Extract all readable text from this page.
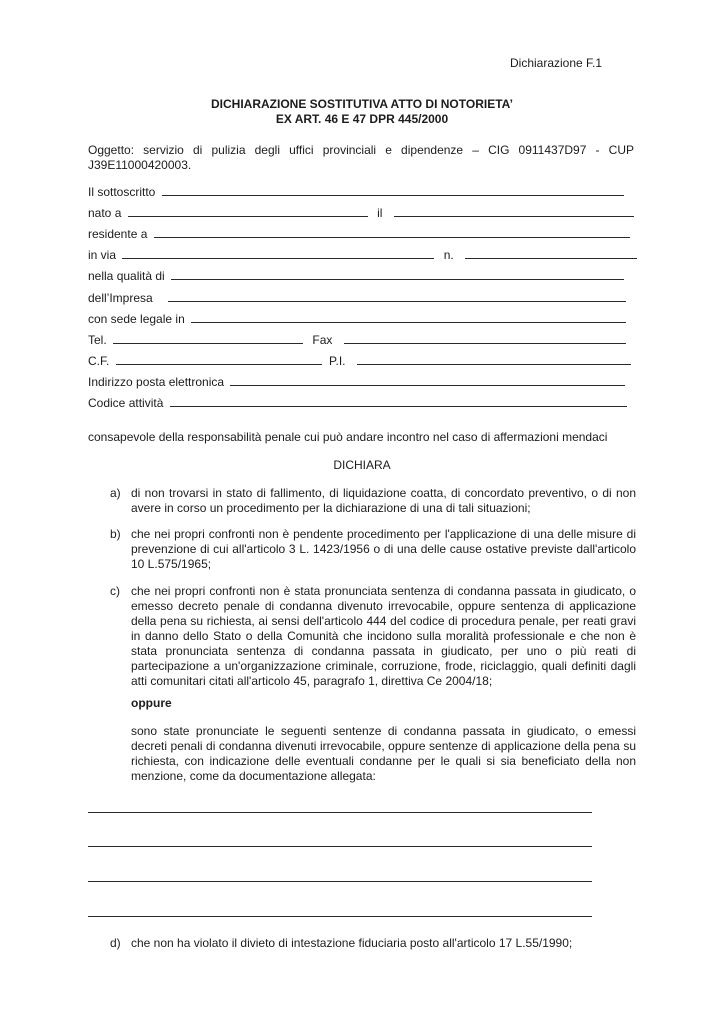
Dichiarazione F.1
DICHIARAZIONE SOSTITUTIVA ATTO DI NOTORIETA’
EX ART. 46 E 47 DPR 445/2000
Oggetto: servizio di pulizia degli uffici provinciali e dipendenze – CIG 0911437D97 - CUP J39E11000420003.
Il sottoscritto
nato a	il
residente a
in via	n.
nella qualità di
dell’Impresa
con sede legale in
Tel.	Fax
C.F.	P.I.
Indirizzo posta elettronica
Codice attività
consapevole della responsabilità penale cui può andare incontro nel caso di affermazioni mendaci
DICHIARA
a) di non trovarsi in stato di fallimento, di liquidazione coatta, di concordato preventivo, o di non avere in corso un procedimento per la dichiarazione di una di tali situazioni;
b) che nei propri confronti non è pendente procedimento per l'applicazione di una delle misure di prevenzione di cui all'articolo 3 L. 1423/1956 o di una delle cause ostative previste dall'articolo 10 L.575/1965;
c) che nei propri confronti non è stata pronunciata sentenza di condanna passata in giudicato, o emesso decreto penale di condanna divenuto irrevocabile, oppure sentenza di applicazione della pena su richiesta, ai sensi dell'articolo 444 del codice di procedura penale, per reati gravi in danno dello Stato o della Comunità che incidono sulla moralità professionale e che non è stata pronunciata sentenza di condanna passata in giudicato, per uno o più reati di partecipazione a un'organizzazione criminale, corruzione, frode, riciclaggio, quali definiti dagli atti comunitari citati all'articolo 45, paragrafo 1, direttiva Ce 2004/18;
oppure
sono state pronunciate le seguenti sentenze di condanna passata in giudicato, o emessi decreti penali di condanna divenuti irrevocabile, oppure sentenze di applicazione della pena su richiesta, con indicazione delle eventuali condanne per le quali si sia beneficiato della non menzione, come da documentazione allegata:
d) che non ha violato il divieto di intestazione fiduciaria posto all'articolo 17 L.55/1990;
